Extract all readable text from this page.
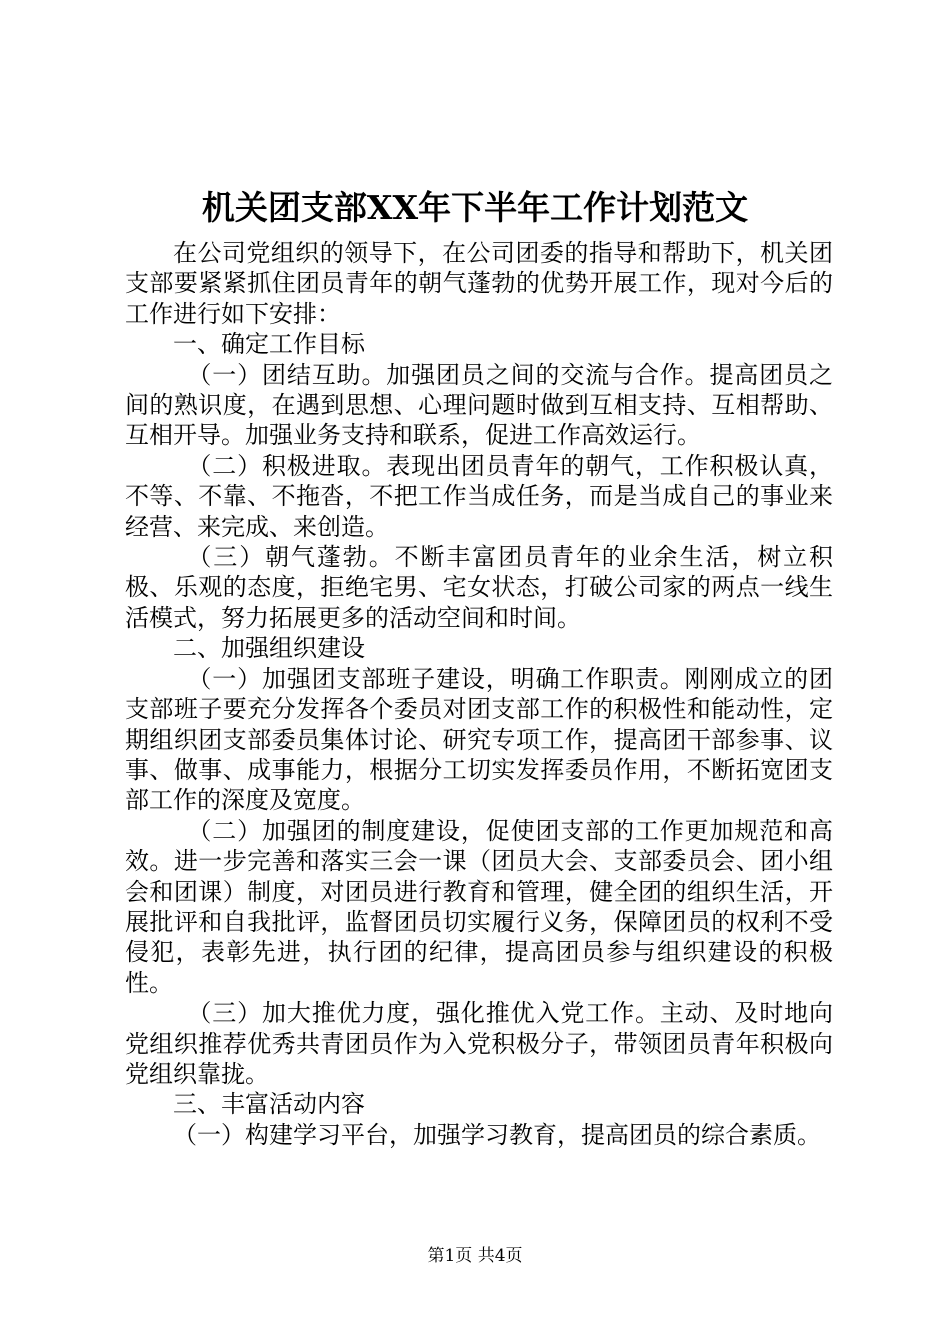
机关团支部XX年下半年工作计划范文

在公司党组织的领导下，在公司团委的指导和帮助下，机关团支部要紧紧抓住团员青年的朝气蓬勃的优势开展工作，现对今后的工作进行如下安排：

一、确定工作目标

（一）团结互助。加强团员之间的交流与合作。提高团员之间的熟识度，在遇到思想、心理问题时做到互相支持、互相帮助、互相开导。加强业务支持和联系，促进工作高效运行。

（二）积极进取。表现出团员青年的朝气，工作积极认真，不等、不靠、不拖沓，不把工作当成任务，而是当成自己的事业来经营、来完成、来创造。

（三）朝气蓬勃。不断丰富团员青年的业余生活，树立积极、乐观的态度，拒绝宅男、宅女状态，打破公司家的两点一线生活模式，努力拓展更多的活动空间和时间。

二、加强组织建设

（一）加强团支部班子建设，明确工作职责。刚刚成立的团支部班子要充分发挥各个委员对团支部工作的积极性和能动性，定期组织团支部委员集体讨论、研究专项工作，提高团干部参事、议事、做事、成事能力，根据分工切实发挥委员作用，不断拓宽团支部工作的深度及宽度。

（二）加强团的制度建设，促使团支部的工作更加规范和高效。进一步完善和落实三会一课（团员大会、支部委员会、团小组会和团课）制度，对团员进行教育和管理，健全团的组织生活，开展批评和自我批评，监督团员切实履行义务，保障团员的权利不受侵犯，表彰先进，执行团的纪律，提高团员参与组织建设的积极性。

（三）加大推优力度，强化推优入党工作。主动、及时地向党组织推荐优秀共青团员作为入党积极分子，带领团员青年积极向党组织靠拢。

三、丰富活动内容

（一）构建学习平台，加强学习教育，提高团员的综合素质。

第1页 共4页
